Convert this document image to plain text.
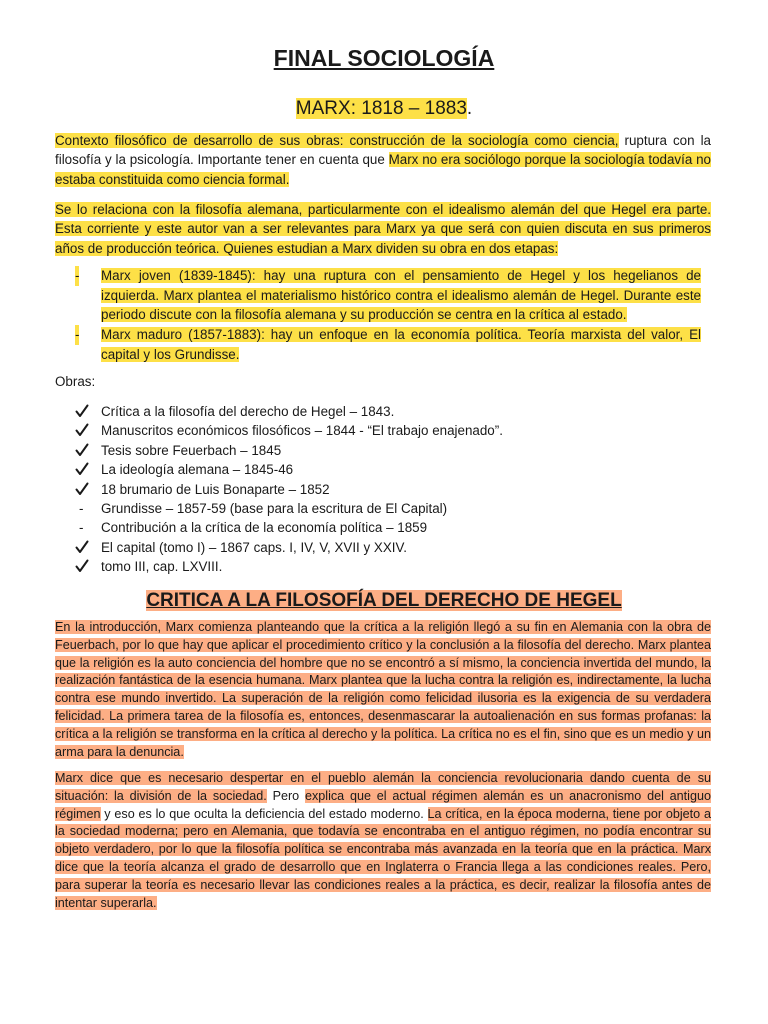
FINAL SOCIOLOGÍA
MARX: 1818 – 1883.
Contexto filosófico de desarrollo de sus obras: construcción de la sociología como ciencia, ruptura con la filosofía y la psicología. Importante tener en cuenta que Marx no era sociólogo porque la sociología todavía no estaba constituida como ciencia formal.
Se lo relaciona con la filosofía alemana, particularmente con el idealismo alemán del que Hegel era parte. Esta corriente y este autor van a ser relevantes para Marx ya que será con quien discuta en sus primeros años de producción teórica. Quienes estudian a Marx dividen su obra en dos etapas:
- Marx joven (1839-1845): hay una ruptura con el pensamiento de Hegel y los hegelianos de izquierda. Marx plantea el materialismo histórico contra el idealismo alemán de Hegel. Durante este periodo discute con la filosofía alemana y su producción se centra en la crítica al estado.
- Marx maduro (1857-1883): hay un enfoque en la economía política. Teoría marxista del valor, El capital y los Grundisse.
Obras:
Crítica a la filosofía del derecho de Hegel – 1843.
Manuscritos económicos filosóficos – 1844 - “El trabajo enajenado”.
Tesis sobre Feuerbach – 1845
La ideología alemana – 1845-46
18 brumario de Luis Bonaparte – 1852
-	Grundisse – 1857-59 (base para la escritura de El Capital)
-	Contribución a la crítica de la economía política – 1859
El capital (tomo I) – 1867 caps. I, IV, V, XVII y XXIV.
tomo III, cap. LXVIII.
CRITICA A LA FILOSOFÍA DEL DERECHO DE HEGEL
En la introducción, Marx comienza planteando que la crítica a la religión llegó a su fin en Alemania con la obra de Feuerbach, por lo que hay que aplicar el procedimiento crítico y la conclusión a la filosofía del derecho. Marx plantea que la religión es la auto conciencia del hombre que no se encontró a sí mismo, la conciencia invertida del mundo, la realización fantástica de la esencia humana. Marx plantea que la lucha contra la religión es, indirectamente, la lucha contra ese mundo invertido. La superación de la religión como felicidad ilusoria es la exigencia de su verdadera felicidad. La primera tarea de la filosofía es, entonces, desenmascarar la autoalienación en sus formas profanas: la crítica a la religión se transforma en la crítica al derecho y la política. La crítica no es el fin, sino que es un medio y un arma para la denuncia.
Marx dice que es necesario despertar en el pueblo alemán la conciencia revolucionaria dando cuenta de su situación: la división de la sociedad. Pero explica que el actual régimen alemán es un anacronismo del antiguo régimen y eso es lo que oculta la deficiencia del estado moderno. La crítica, en la época moderna, tiene por objeto a la sociedad moderna; pero en Alemania, que todavía se encontraba en el antiguo régimen, no podía encontrar su objeto verdadero, por lo que la filosofía política se encontraba más avanzada en la teoría que en la práctica. Marx dice que la teoría alcanza el grado de desarrollo que en Inglaterra o Francia llega a las condiciones reales. Pero, para superar la teoría es necesario llevar las condiciones reales a la práctica, es decir, realizar la filosofía antes de intentar superarla.
